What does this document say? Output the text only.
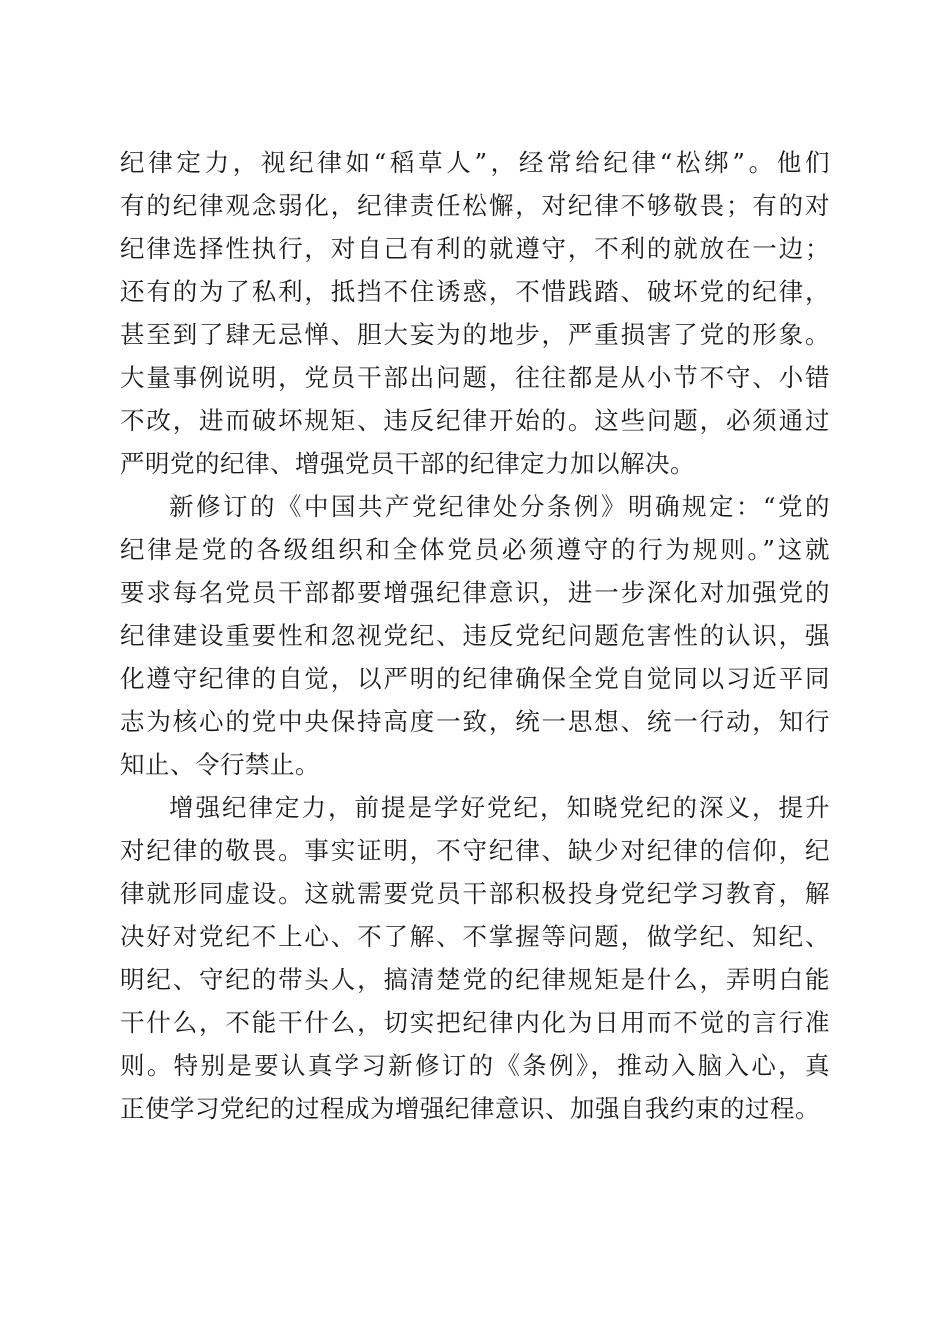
纪律定力，视纪律如“稻草人”，经常给纪律“松绑”。他们
有的纪律观念弱化，纪律责任松懈，对纪律不够敬畏；有的对
纪律选择性执行，对自己有利的就遵守，不利的就放在一边；
还有的为了私利，抵挡不住诱惑，不惜践踏、破坏党的纪律，
甚至到了肆无忌惮、胆大妄为的地步，严重损害了党的形象。
大量事例说明，党员干部出问题，往往都是从小节不守、小错
不改，进而破坏规矩、违反纪律开始的。这些问题，必须通过
严明党的纪律、增强党员干部的纪律定力加以解决。
新修订的《中国共产党纪律处分条例》明确规定：“党的
纪律是党的各级组织和全体党员必须遵守的行为规则。”这就
要求每名党员干部都要增强纪律意识，进一步深化对加强党的
纪律建设重要性和忽视党纪、违反党纪问题危害性的认识，强
化遵守纪律的自觉，以严明的纪律确保全党自觉同以习近平同
志为核心的党中央保持高度一致，统一思想、统一行动，知行
知止、令行禁止。
增强纪律定力，前提是学好党纪，知晓党纪的深义，提升
对纪律的敬畏。事实证明，不守纪律、缺少对纪律的信仰，纪
律就形同虚设。这就需要党员干部积极投身党纪学习教育，解
决好对党纪不上心、不了解、不掌握等问题，做学纪、知纪、
明纪、守纪的带头人，搞清楚党的纪律规矩是什么，弄明白能
干什么，不能干什么，切实把纪律内化为日用而不觉的言行准
则。特别是要认真学习新修订的《条例》，推动入脑入心，真
正使学习党纪的过程成为增强纪律意识、加强自我约束的过程。
